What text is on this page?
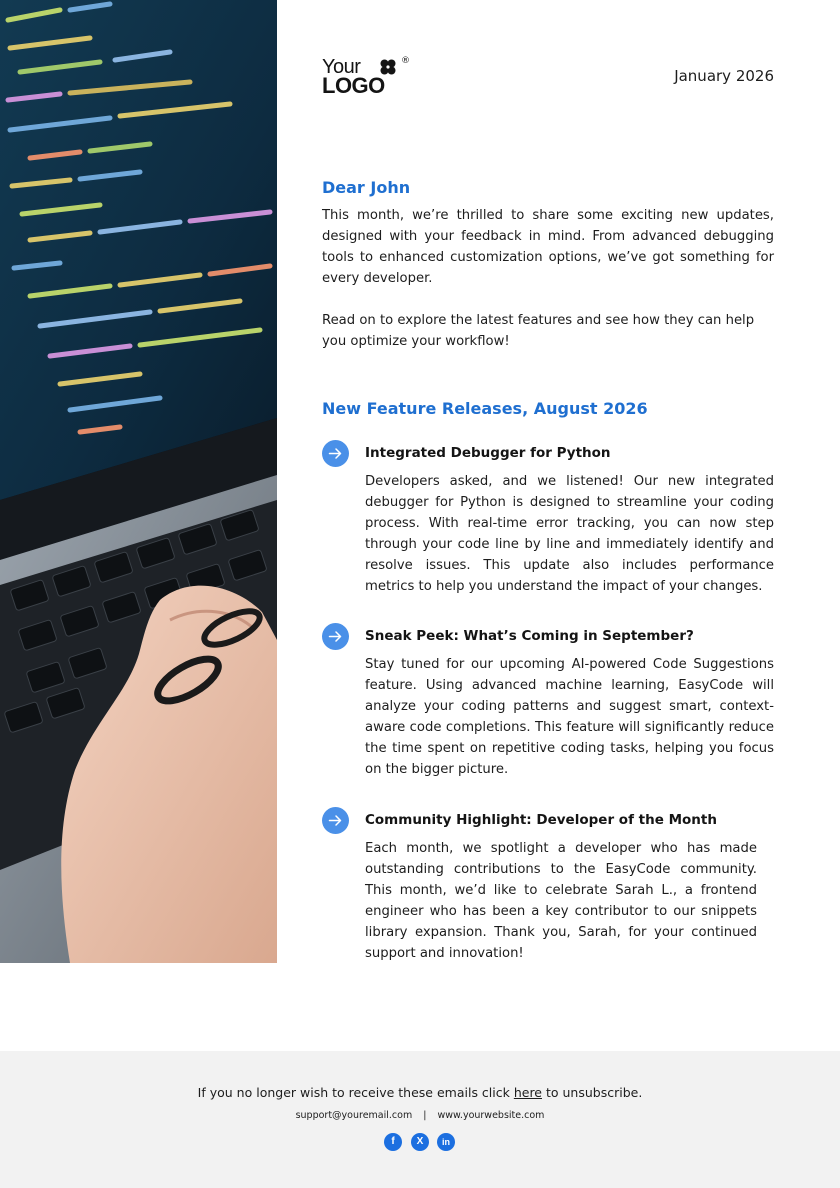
Your	®
LOGO	January 2026
Dear John

This month, we’re thrilled to share some exciting new updates, designed with your feedback in mind. From advanced debugging tools to enhanced customization options, we’ve got something for every developer.

Read on to explore the latest features and see how they can help you optimize your workflow!

New Feature Releases, August 2026
Integrated Debugger for Python

Developers asked, and we listened! Our new integrated debugger for Python is designed to streamline your coding process. With real-time error tracking, you can now step through your code line by line and immediately identify and resolve issues. This update also includes performance metrics to help you understand the impact of your changes.

Sneak Peek: What’s Coming in September?

Stay tuned for our upcoming AI-powered Code Suggestions feature. Using advanced machine learning, EasyCode will analyze your coding patterns and suggest smart, context-aware code completions. This feature will significantly reduce the time spent on repetitive coding tasks, helping you focus on the bigger picture.

Community Highlight: Developer of the Month

Each month, we spotlight a developer who has made outstanding contributions to the EasyCode community. This month, we’d like to celebrate Sarah L., a frontend engineer who has been a key contributor to our snippets library expansion. Thank you, Sarah, for your continued support and innovation!

If you no longer wish to receive these emails click here to unsubscribe.
support@youremail.com | www.yourwebsite.com
f	X	in
